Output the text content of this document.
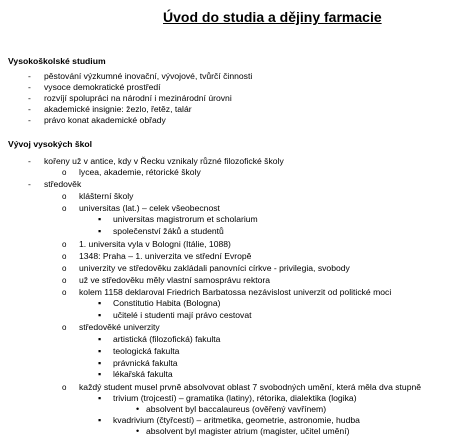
Úvod do studia a dějiny farmacie
Vysokoškolské studium
-
pěstování výzkumné inovační, vývojové, tvůrčí činnosti
-
vysoce demokratické prostředí
-
rozvíjí spolupráci na národní i mezinárodní úrovni
-
akademické insignie: žezlo, řetěz, talár
-
právo konat akademické obřady
Vývoj vysokých škol
-
kořeny už v antice, kdy v Řecku vznikaly různé filozofické školy
o
lycea, akademie, rétorické školy
-
středověk
o
klášterní školy
o
universitas (lat.) – celek všeobecnost
▪
universitas magistrorum et scholarium
▪
společenství žáků a studentů
o
1. universita vyla v Bologni (Itálie, 1088)
o
1348: Praha – 1. univerzita ve střední Evropě
o
univerzity ve středověku zakládali panovníci církve - privilegia, svobody
o
už ve středověku měly vlastní samosprávu rektora
o
kolem 1158 deklaroval Friedrich Barbatossa nezávislost univerzit od politické moci
▪
Constitutio Habita (Bologna)
▪
učitelé i studenti mají právo cestovat
o
středověké univerzity
▪
artistická (filozofická) fakulta
▪
teologická fakulta
▪
právnická fakulta
▪
lékařská fakulta
o
každý student musel prvně absolvovat oblast 7 svobodných umění, která měla dva stupně
▪
trivium (trojcestí) – gramatika (latiny), rétorika, dialektika (logika)
•
absolvent byl baccalaureus (ověřený vavřínem)
▪
kvadrivium (čtyřcestí) – aritmetika, geometrie, astronomie, hudba
•
absolvent byl magister atrium (magister, učitel umění)
